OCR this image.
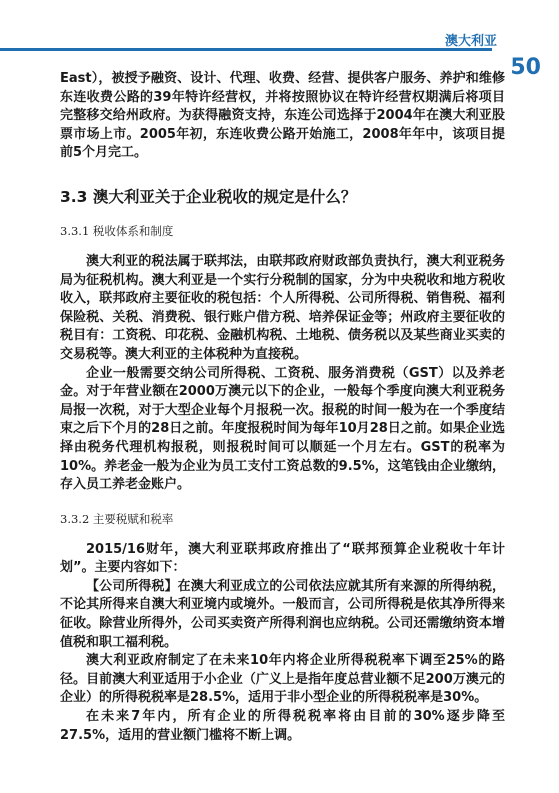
澳大利亚
50

East），被授予融资、设计、代理、收费、经营、提供客户服务、养护和维修东连收费公路的39年特许经营权，并将按照协议在特许经营权期满后将项目完整移交给州政府。为获得融资支持，东连公司选择于2004年在澳大利亚股票市场上市。2005年初，东连收费公路开始施工，2008年年中，该项目提前5个月完工。

3.3 澳大利亚关于企业税收的规定是什么？
3.3.1 税收体系和制度

澳大利亚的税法属于联邦法，由联邦政府财政部负责执行，澳大利亚税务局为征税机构。澳大利亚是一个实行分税制的国家，分为中央税收和地方税收收入，联邦政府主要征收的税包括：个人所得税、公司所得税、销售税、福利保险税、关税、消费税、银行账户借方税、培养保证金等；州政府主要征收的税目有：工资税、印花税、金融机构税、土地税、债务税以及某些商业买卖的交易税等。澳大利亚的主体税种为直接税。

企业一般需要交纳公司所得税、工资税、服务消费税（GST）以及养老金。对于年营业额在2000万澳元以下的企业，一般每个季度向澳大利亚税务局报一次税，对于大型企业每个月报税一次。报税的时间一般为在一个季度结束之后下个月的28日之前。年度报税时间为每年10月28日之前。如果企业选择由税务代理机构报税，则报税时间可以顺延一个月左右。GST的税率为10%。养老金一般为企业为员工支付工资总数的9.5%，这笔钱由企业缴纳，存入员工养老金账户。

3.3.2 主要税赋和税率

2015/16财年，澳大利亚联邦政府推出了“联邦预算企业税收十年计划”。主要内容如下：

【公司所得税】在澳大利亚成立的公司依法应就其所有来源的所得纳税，不论其所得来自澳大利亚境内或境外。一般而言，公司所得税是依其净所得来征收。除营业所得外，公司买卖资产所得利润也应纳税。公司还需缴纳资本增值税和职工福利税。

澳大利亚政府制定了在未来10年内将企业所得税税率下调至25%的路径。目前澳大利亚适用于小企业（广义上是指年度总营业额不足200万澳元的企业）的所得税税率是28.5%，适用于非小型企业的所得税税率是30%。

在未来7年内，所有企业的所得税税率将由目前的30%逐步降至27.5%，适用的营业额门槛将不断上调。
